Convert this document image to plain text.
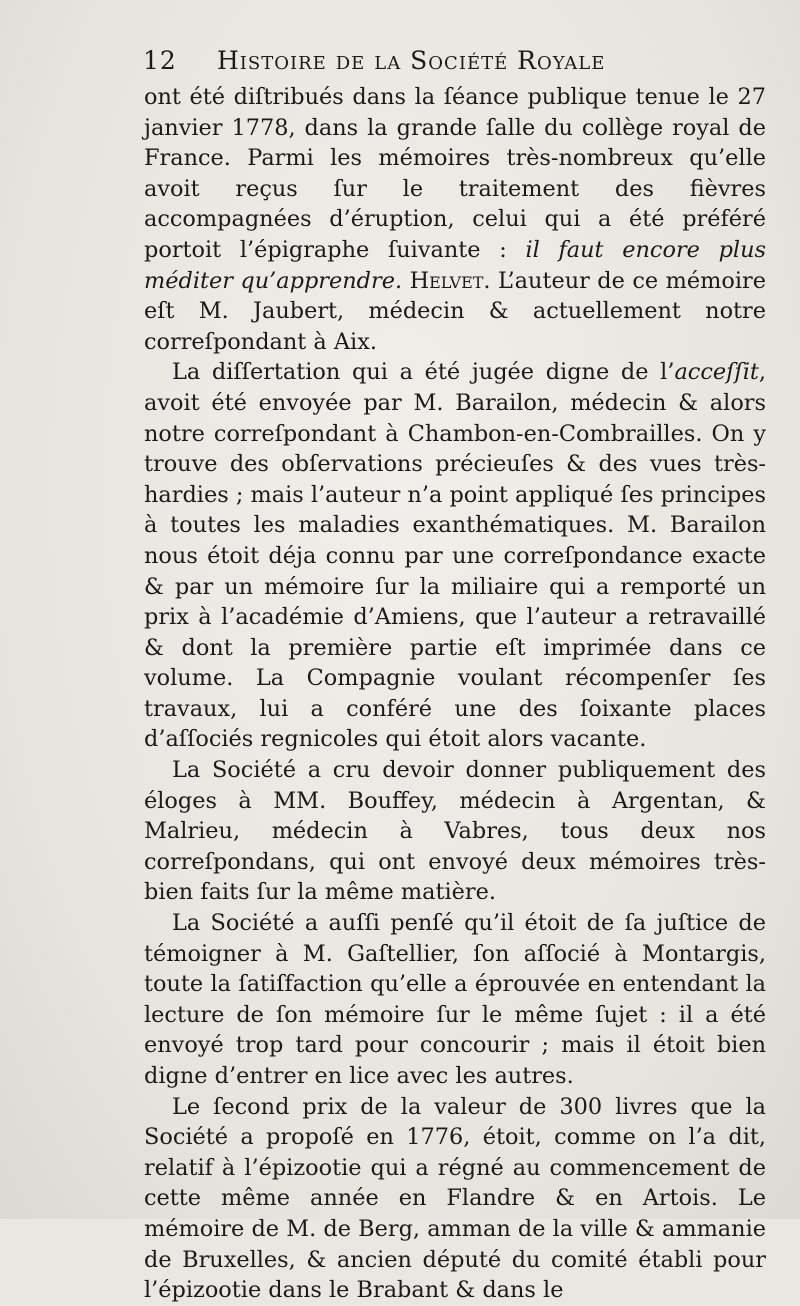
12 Histoire de la Société Royale

ont été diſtribués dans la ſéance publique tenue le 27 janvier 1778, dans la grande ſalle du collège royal de France. Parmi les mémoires très-nombreux qu’elle avoit reçus ſur le traitement des fièvres accompagnées d’éruption, celui qui a été préféré portoit l’épigraphe ſuivante : il faut encore plus méditer qu’apprendre. Helvet. L’auteur de ce mémoire eſt M. Jaubert, médecin & actuellement notre correſpondant à Aix.

La diſſertation qui a été jugée digne de l’acceſſit, avoit été envoyée par M. Barailon, médecin & alors notre correſpondant à Chambon-en-Combrailles. On y trouve des obſervations précieuſes & des vues très-hardies ; mais l’auteur n’a point appliqué ſes principes à toutes les maladies exanthématiques. M. Barailon nous étoit déja connu par une correſpondance exacte & par un mémoire ſur la miliaire qui a remporté un prix à l’académie d’Amiens, que l’auteur a retravaillé & dont la première partie eſt imprimée dans ce volume. La Compagnie voulant récompenſer ſes travaux, lui a conféré une des ſoixante places d’aſſociés regnicoles qui étoit alors vacante.

La Société a cru devoir donner publiquement des éloges à MM. Bouffey, médecin à Argentan, & Malrieu, médecin à Vabres, tous deux nos correſpondans, qui ont envoyé deux mémoires très-bien faits ſur la même matière.

La Société a auſſi penſé qu’il étoit de ſa juſtice de témoigner à M. Gaſtellier, ſon aſſocié à Montargis, toute la ſatiſfaction qu’elle a éprouvée en entendant la lecture de ſon mémoire ſur le même ſujet : il a été envoyé trop tard pour concourir ; mais il étoit bien digne d’entrer en lice avec les autres.

Le ſecond prix de la valeur de 300 livres que la Société a propoſé en 1776, étoit, comme on l’a dit, relatif à l’épizootie qui a régné au commencement de cette même année en Flandre & en Artois. Le mémoire de M. de Berg, amman de la ville & ammanie de Bruxelles, & ancien député du comité établi pour l’épizootie dans le Brabant & dans le
